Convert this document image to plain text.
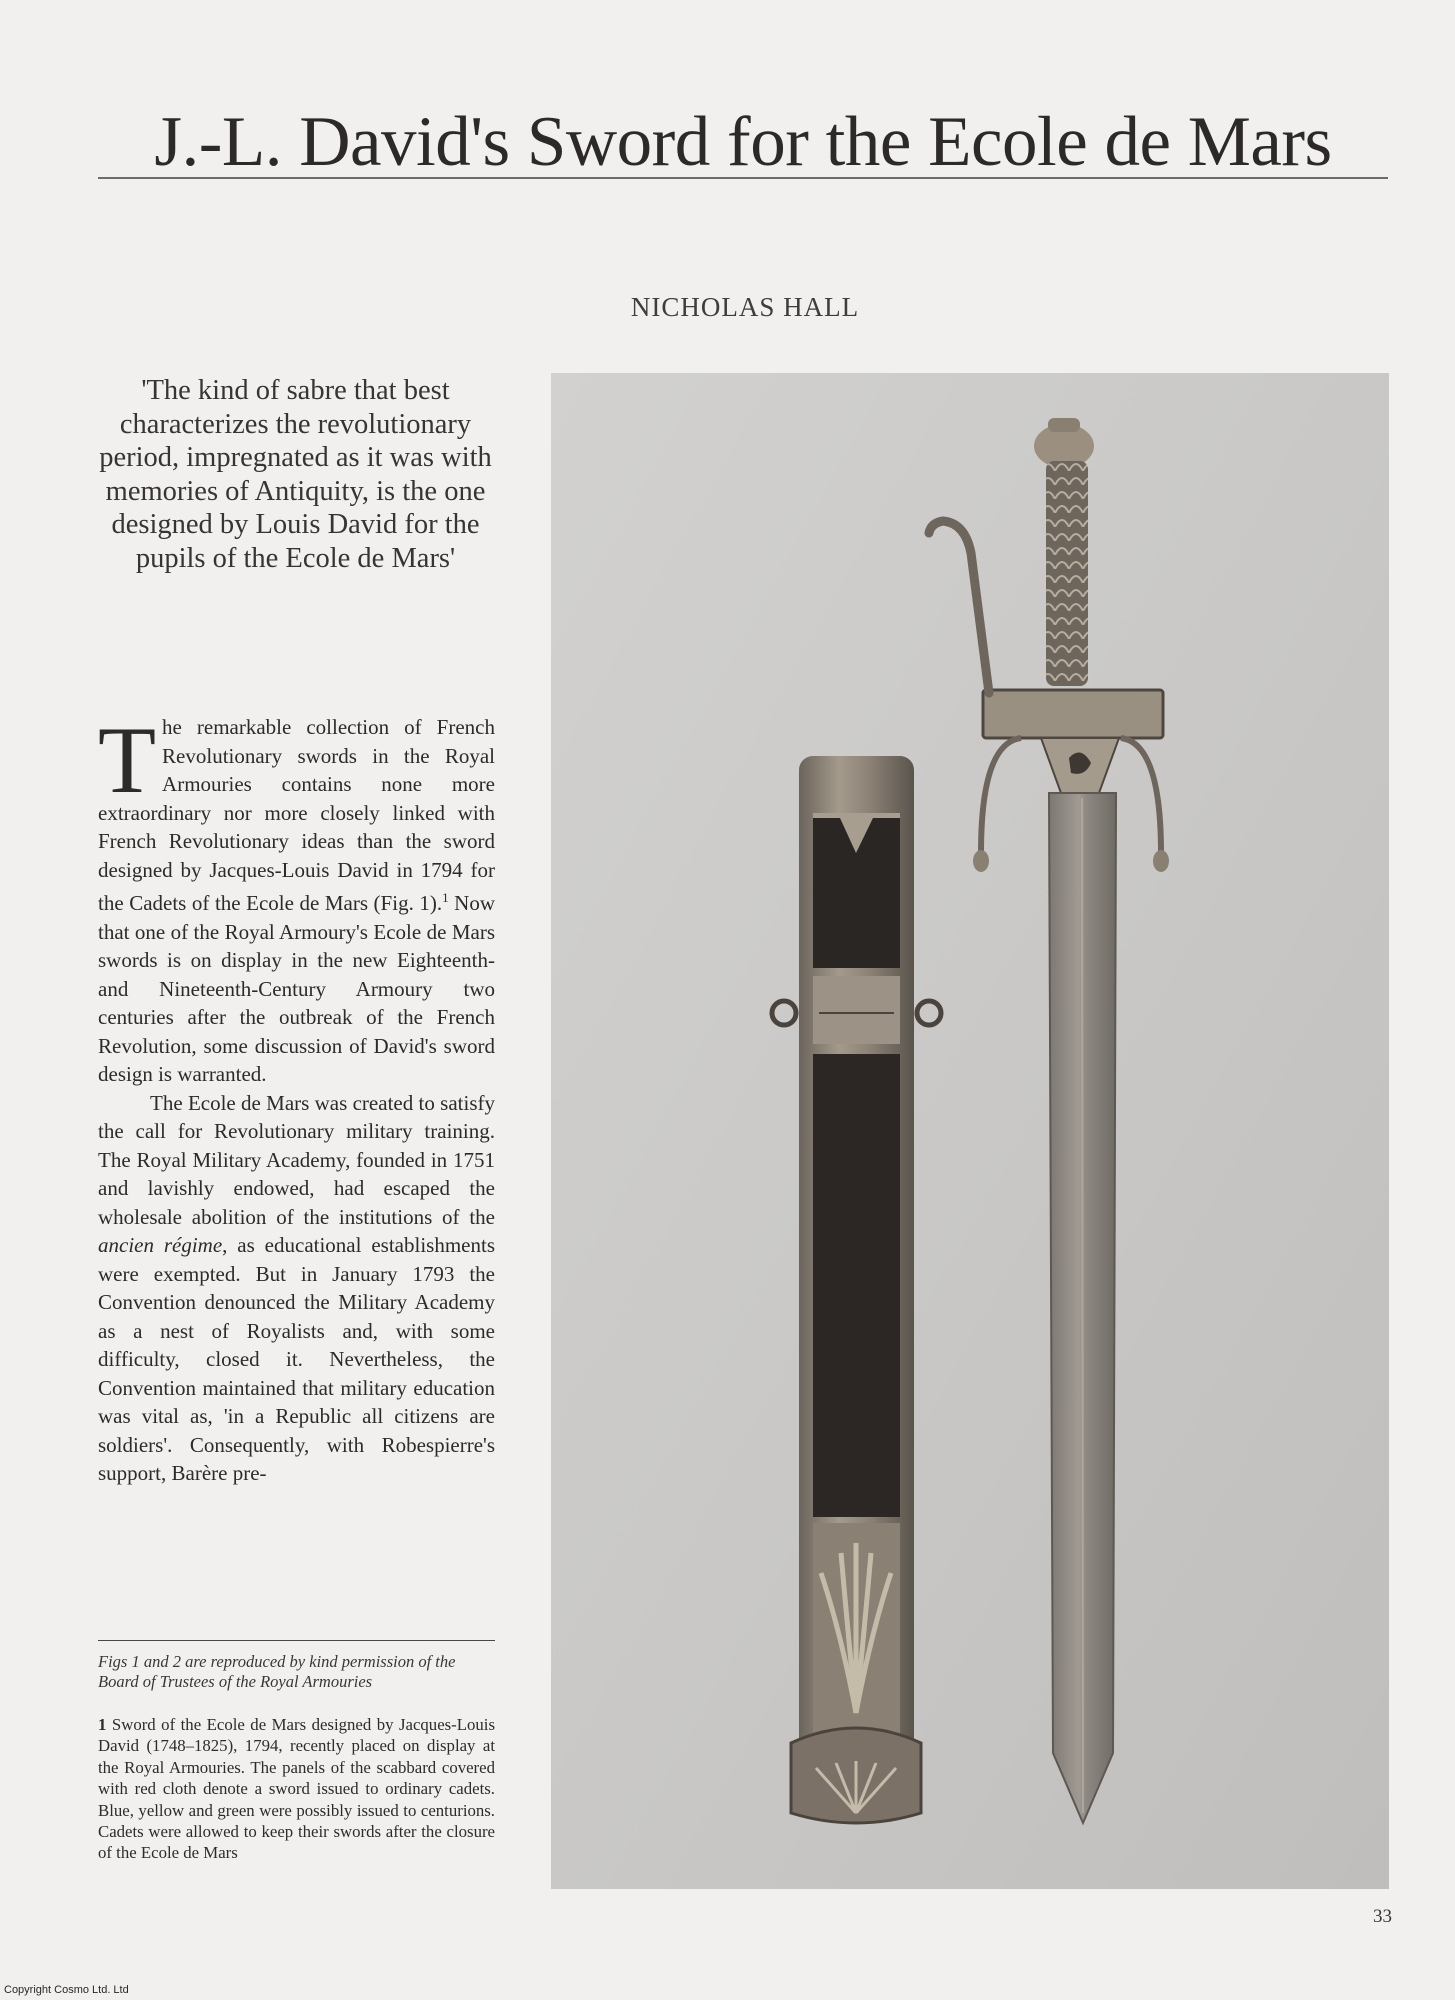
J.-L. David's Sword for the Ecole de Mars
NICHOLAS HALL
'The kind of sabre that best characterizes the revolutionary period, impregnated as it was with memories of Antiquity, is the one designed by Louis David for the pupils of the Ecole de Mars'

The remarkable collection of French Revolutionary swords in the Royal Armouries contains none more extraordinary nor more closely linked with French Revolutionary ideas than the sword designed by Jacques-Louis David in 1794 for the Cadets of the Ecole de Mars (Fig. 1).$^1$ Now that one of the Royal Armoury's Ecole de Mars swords is on display in the new Eighteenth- and Nineteenth-Century Armoury two centuries after the outbreak of the French Revolution, some discussion of David's sword design is warranted.

The Ecole de Mars was created to satisfy the call for Revolutionary military training. The Royal Military Academy, founded in 1751 and lavishly endowed, had escaped the wholesale abolition of the institutions of the ancien régime, as educational establishments were exempted. But in January 1793 the Convention denounced the Military Academy as a nest of Royalists and, with some difficulty, closed it. Nevertheless, the Convention maintained that military education was vital as, 'in a Republic all citizens are soldiers'. Consequently, with Robespierre's support, Barère pre-

Figs 1 and 2 are reproduced by kind permission of the Board of Trustees of the Royal Armouries
1 Sword of the Ecole de Mars designed by Jacques-Louis David (1748–1825), 1794, recently placed on display at the Royal Armouries. The panels of the scabbard covered with red cloth denote a sword issued to ordinary cadets. Blue, yellow and green were possibly issued to centurions. Cadets were allowed to keep their swords after the closure of the Ecole de Mars
33
Copyright Cosmo Ltd. Ltd
